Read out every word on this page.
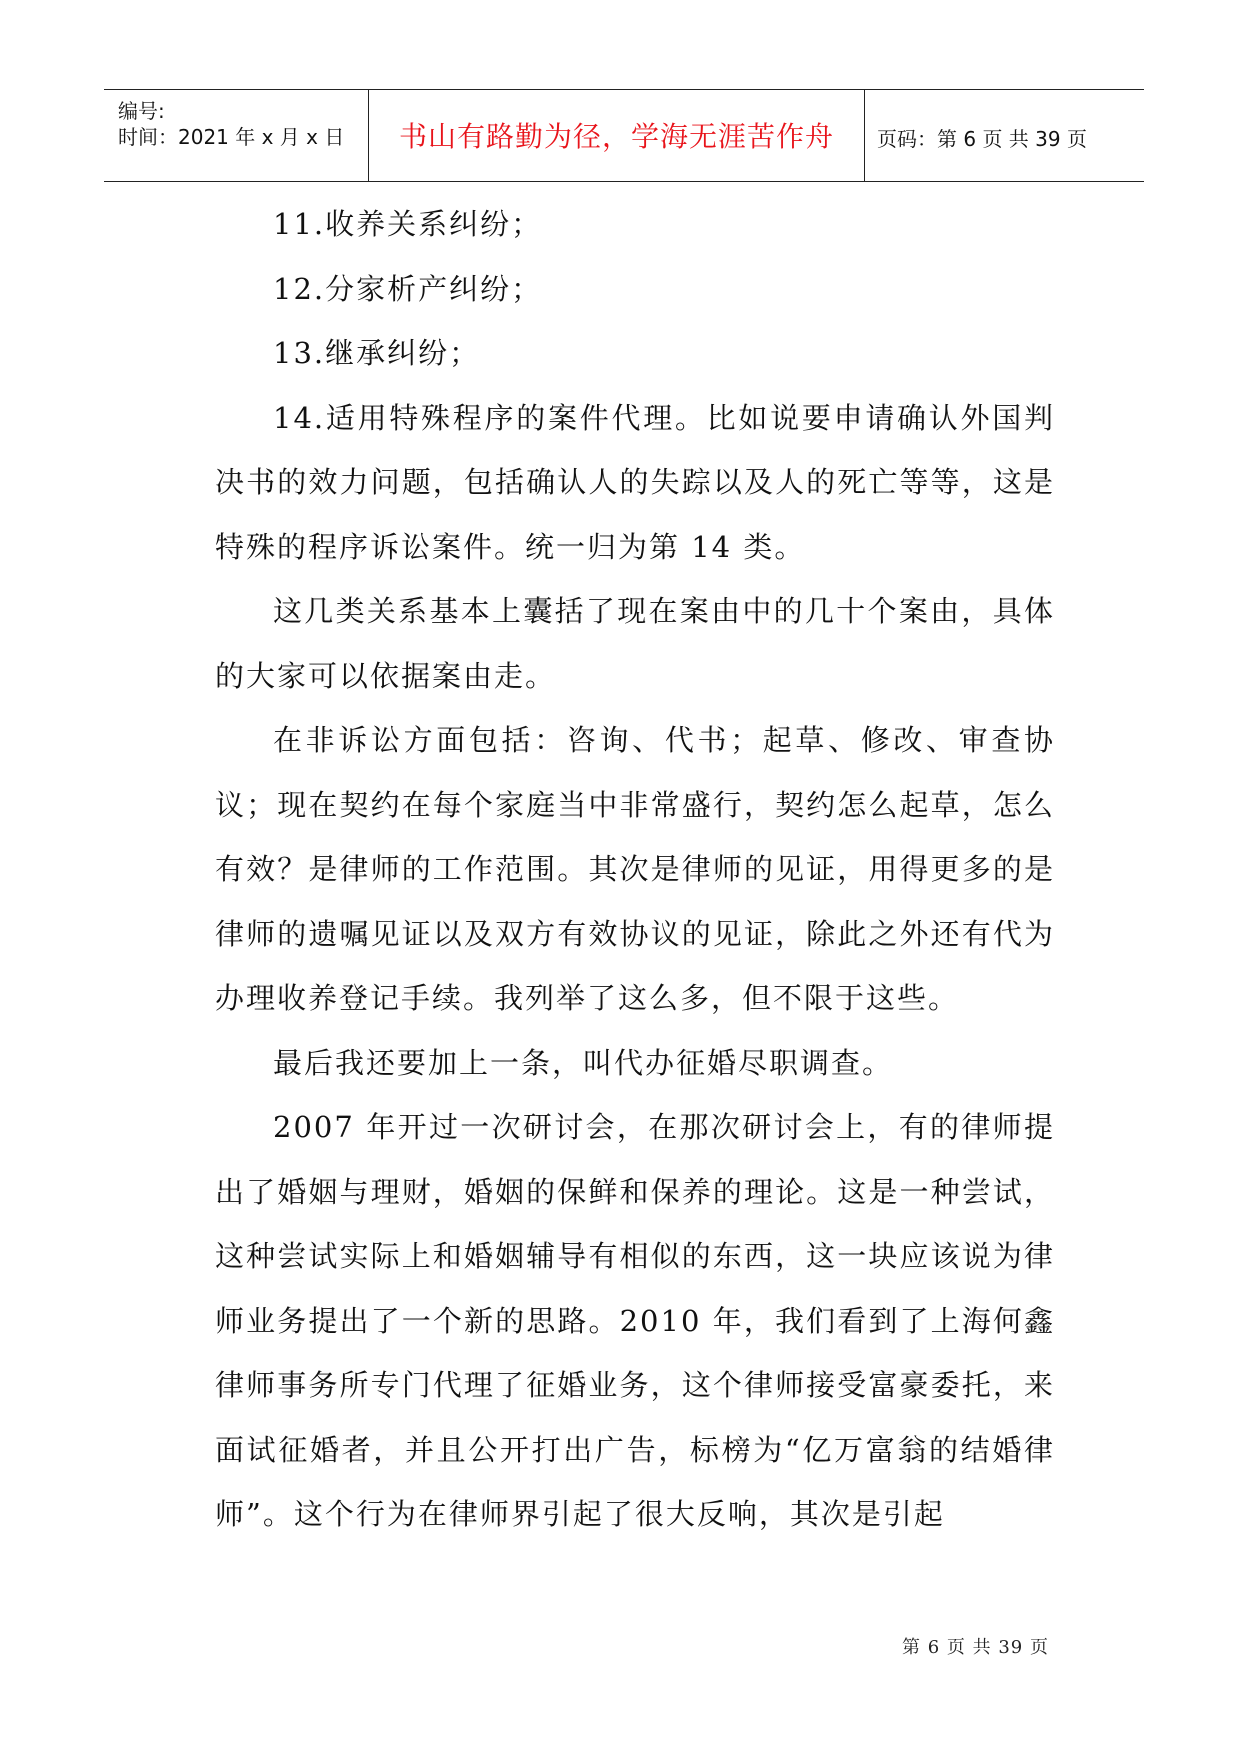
编号:
时间：2021 年 x 月 x 日 书山有路勤为径，学海无涯苦作舟 页码：第 6 页 共 39 页

11.收养关系纠纷；

12.分家析产纠纷；

13.继承纠纷；

14.适用特殊程序的案件代理。比如说要申请确认外国判决书的效力问题，包括确认人的失踪以及人的死亡等等，这是特殊的程序诉讼案件。统一归为第 14 类。

这几类关系基本上囊括了现在案由中的几十个案由，具体的大家可以依据案由走。

在非诉讼方面包括：咨询、代书；起草、修改、审查协议；现在契约在每个家庭当中非常盛行，契约怎么起草，怎么有效？是律师的工作范围。其次是律师的见证，用得更多的是律师的遗嘱见证以及双方有效协议的见证，除此之外还有代为办理收养登记手续。我列举了这么多，但不限于这些。

最后我还要加上一条，叫代办征婚尽职调查。

2007 年开过一次研讨会，在那次研讨会上，有的律师提出了婚姻与理财，婚姻的保鲜和保养的理论。这是一种尝试，这种尝试实际上和婚姻辅导有相似的东西，这一块应该说为律师业务提出了一个新的思路。2010 年，我们看到了上海何鑫律师事务所专门代理了征婚业务，这个律师接受富豪委托，来面试征婚者，并且公开打出广告，标榜为“亿万富翁的结婚律师”。这个行为在律师界引起了很大反响，其次是引起

第 6 页 共 39 页
